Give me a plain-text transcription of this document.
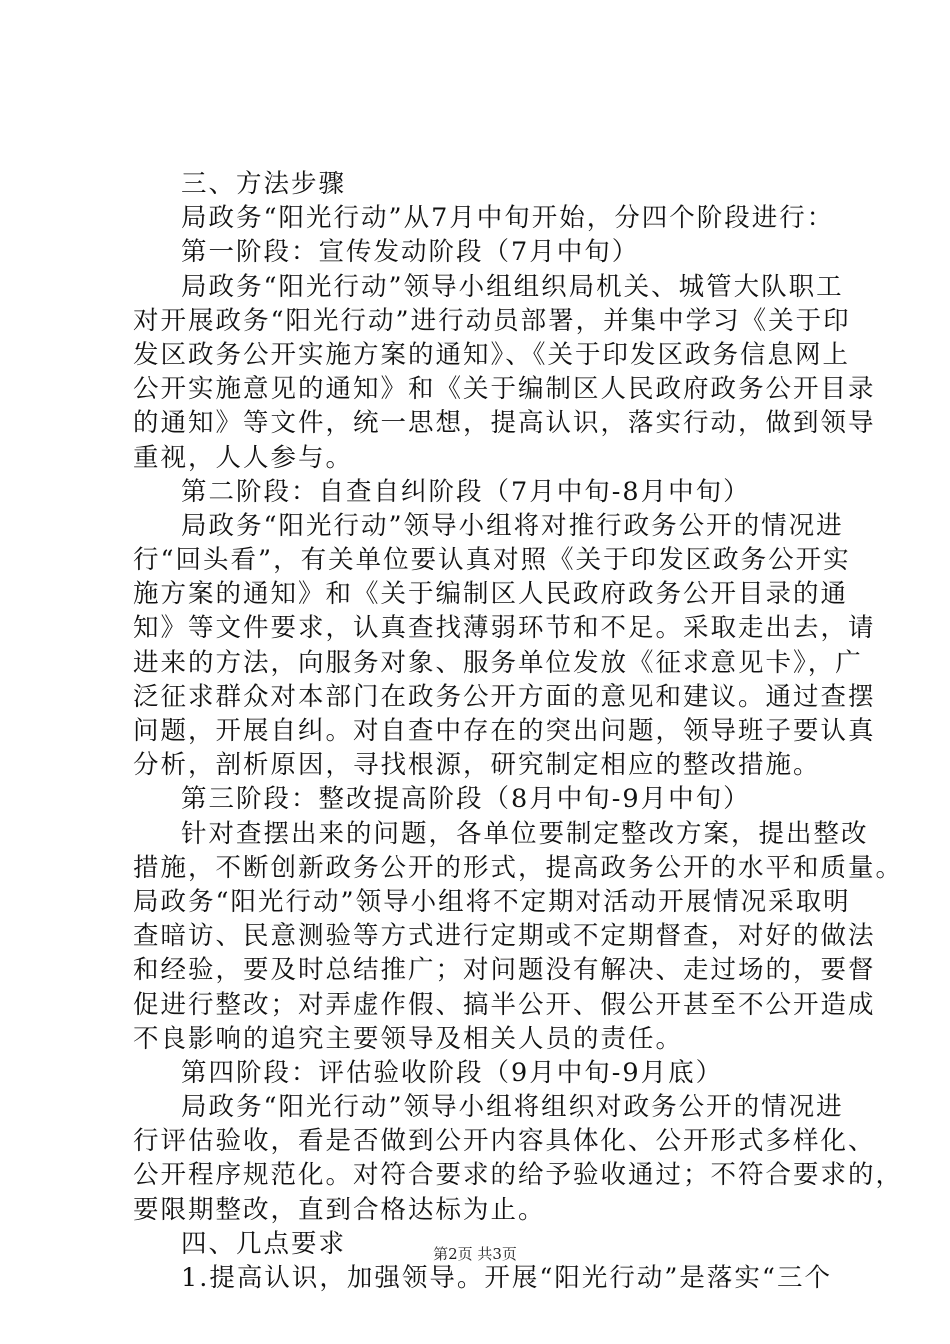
三、方法步骤
局政务“阳光行动”从7月中旬开始，分四个阶段进行：
第一阶段：宣传发动阶段（7月中旬）
局政务“阳光行动”领导小组组织局机关、城管大队职工
对开展政务“阳光行动”进行动员部署，并集中学习《关于印
发区政务公开实施方案的通知》、《关于印发区政务信息网上
公开实施意见的通知》和《关于编制区人民政府政务公开目录
的通知》等文件，统一思想，提高认识，落实行动，做到领导
重视，人人参与。
第二阶段：自查自纠阶段（7月中旬-8月中旬）
局政务“阳光行动”领导小组将对推行政务公开的情况进
行“回头看”，有关单位要认真对照《关于印发区政务公开实
施方案的通知》和《关于编制区人民政府政务公开目录的通
知》等文件要求，认真查找薄弱环节和不足。采取走出去，请
进来的方法，向服务对象、服务单位发放《征求意见卡》，广
泛征求群众对本部门在政务公开方面的意见和建议。通过查摆
问题，开展自纠。对自查中存在的突出问题，领导班子要认真
分析，剖析原因，寻找根源，研究制定相应的整改措施。
第三阶段：整改提高阶段（8月中旬-9月中旬）
针对查摆出来的问题，各单位要制定整改方案，提出整改
措施，不断创新政务公开的形式，提高政务公开的水平和质量。
局政务“阳光行动”领导小组将不定期对活动开展情况采取明
查暗访、民意测验等方式进行定期或不定期督查，对好的做法
和经验，要及时总结推广；对问题没有解决、走过场的，要督
促进行整改；对弄虚作假、搞半公开、假公开甚至不公开造成
不良影响的追究主要领导及相关人员的责任。
第四阶段：评估验收阶段（9月中旬-9月底）
局政务“阳光行动”领导小组将组织对政务公开的情况进
行评估验收，看是否做到公开内容具体化、公开形式多样化、
公开程序规范化。对符合要求的给予验收通过；不符合要求的，
要限期整改，直到合格达标为止。
四、几点要求
1.提高认识，加强领导。开展“阳光行动”是落实“三个
第2页 共3页
